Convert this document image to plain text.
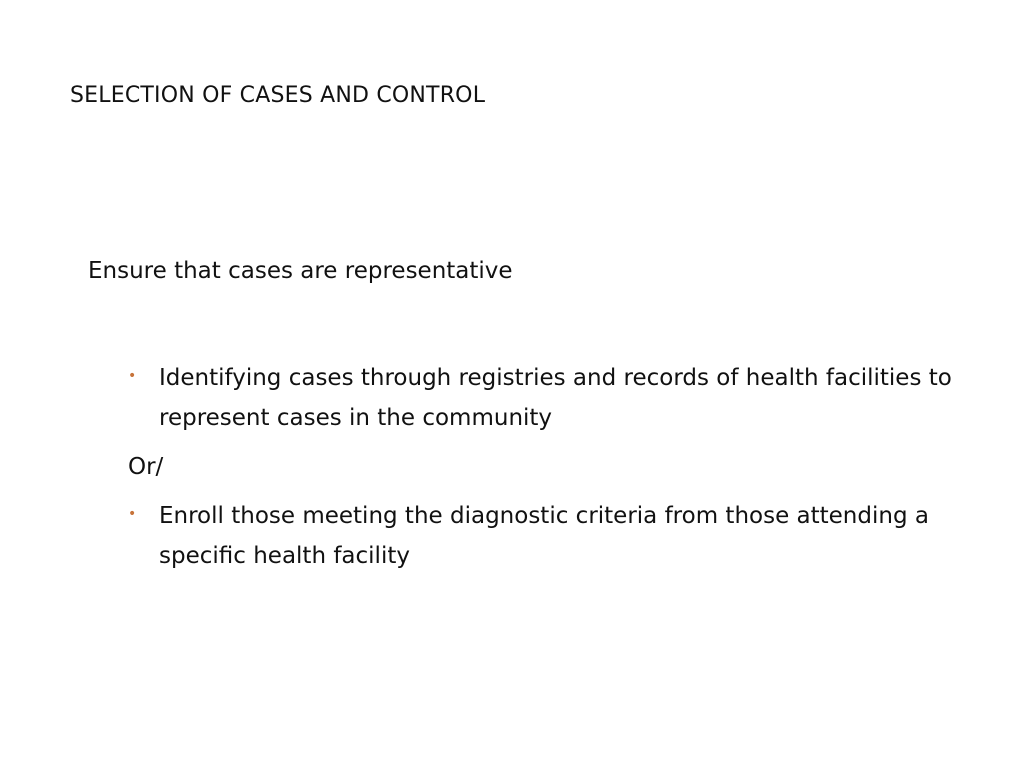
SELECTION OF CASES AND CONTROL
Ensure that cases are representative
• Identifying cases through registries and records of health facilities to represent cases in the community
Or/
• Enroll those meeting the diagnostic criteria from those attending a specific health facility
